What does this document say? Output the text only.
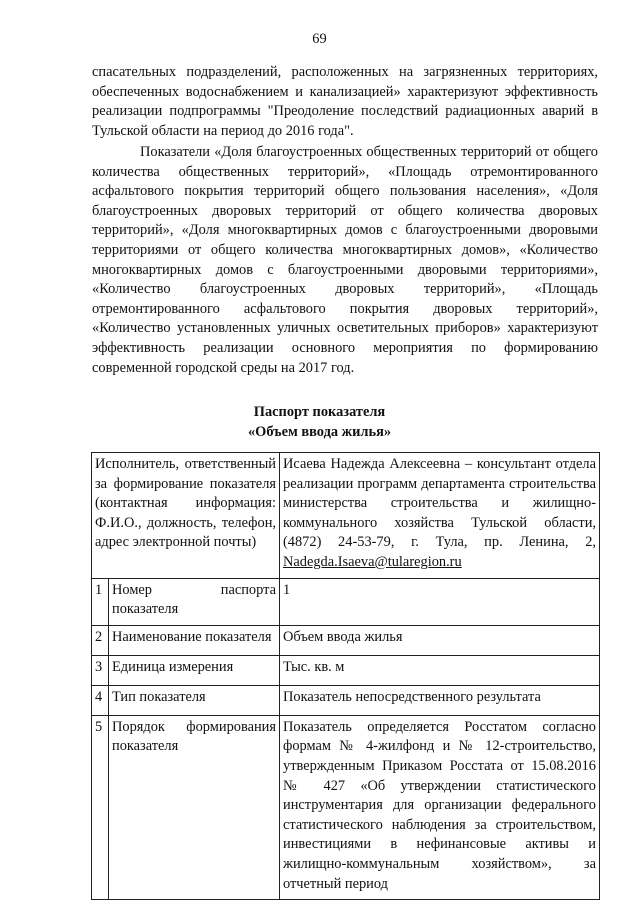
69

спасательных подразделений, расположенных на загрязненных территориях, обеспеченных водоснабжением и канализацией» характеризуют эффективность реализации подпрограммы "Преодоление последствий радиационных аварий в Тульской области на период до 2016 года".

Показатели «Доля благоустроенных общественных территорий от общего количества общественных территорий», «Площадь отремонтированного асфальтового покрытия территорий общего пользования населения», «Доля благоустроенных дворовых территорий от общего количества дворовых территорий», «Доля многоквартирных домов с благоустроенными дворовыми территориями от общего количества многоквартирных домов», «Количество многоквартирных домов с благоустроенными дворовыми территориями», «Количество благоустроенных дворовых территорий», «Площадь отремонтированного асфальтового покрытия дворовых территорий», «Количество установленных уличных осветительных приборов» характеризуют эффективность реализации основного мероприятия по формированию современной городской среды на 2017 год.

Паспорт показателя
«Объем ввода жилья»
Исполнитель, ответственный за формирование показателя (контактная информация: Ф.И.О., должность, телефон, адрес электронной почты)		Исаева Надежда Алексеевна – консультант отдела реализации программ департамента строительства министерства строительства и жилищно-коммунального хозяйства Тульской области, (4872) 24-53-79, г. Тула, пр. Ленина, 2, Nadegda.Isaeva@tularegion.ru
1	Номер паспорта показателя	1
2	Наименование показателя	Объем ввода жилья
3	Единица измерения	Тыс. кв. м
4	Тип показателя	Показатель непосредственного результата
5	Порядок формирования показателя	Показатель определяется Росстатом согласно формам № 4-жилфонд и № 12-строительство, утвержденным Приказом Росстата от 15.08.2016 № 427 «Об утверждении статистического инструментария для организации федерального статистического наблюдения за строительством, инвестициями в нефинансовые активы и жилищно-коммунальным хозяйством», за отчетный период
